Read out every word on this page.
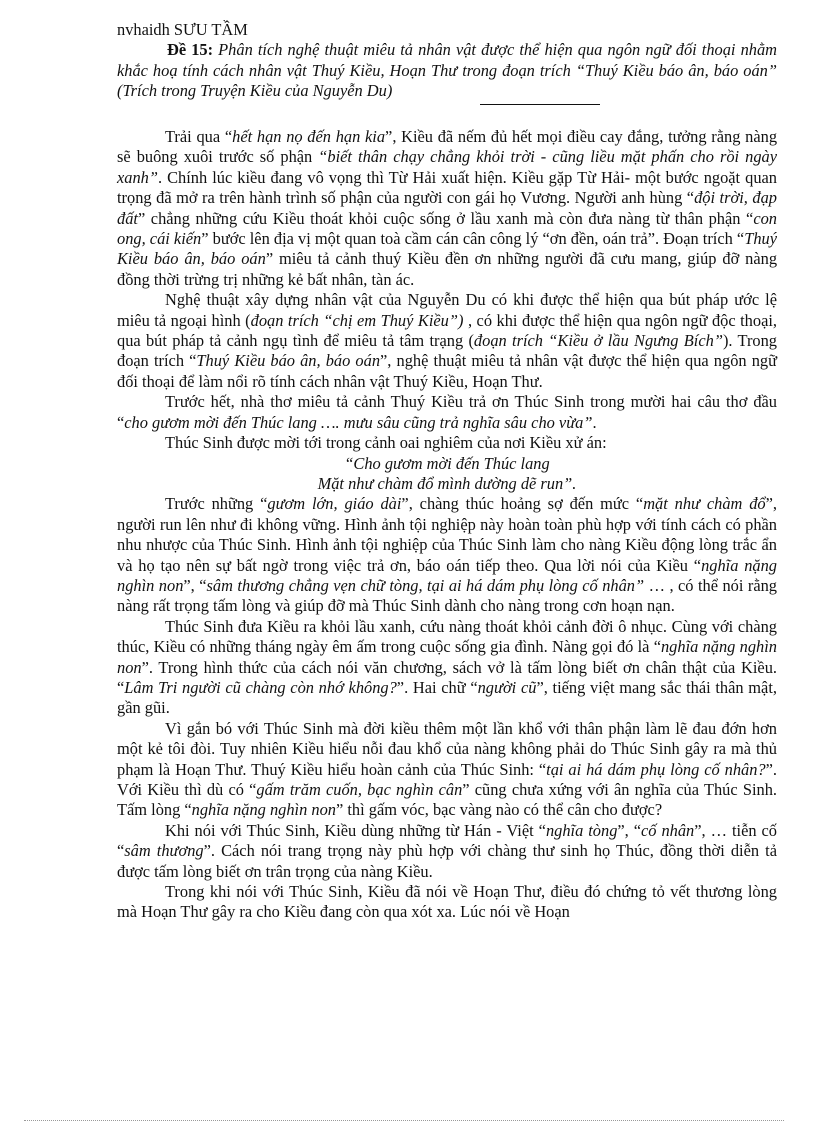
nvhaidh SƯU TẦM

Đề 15: Phân tích nghệ thuật miêu tả nhân vật được thể hiện qua ngôn ngữ đối thoại nhằm khắc hoạ tính cách nhân vật Thuý Kiều, Hoạn Thư trong đoạn trích “Thuý Kiều báo ân, báo oán” (Trích trong Truyện Kiều của Nguyễn Du)

Trải qua “hết hạn nọ đến hạn kia”, Kiều đã nếm đủ hết mọi điều cay đắng, tưởng rằng nàng sẽ buông xuôi trước số phận “biết thân chạy chẳng khỏi trời - cũng liều mặt phấn cho rồi ngày xanh”. Chính lúc kiều đang vô vọng thì Từ Hải xuất hiện. Kiều gặp Từ Hải- một bước ngoặt quan trọng đã mở ra trên hành trình số phận của người con gái họ Vương. Người anh hùng “đội trời, đạp đất” chẳng những cứu Kiều thoát khỏi cuộc sống ở lầu xanh mà còn đưa nàng từ thân phận “con ong, cái kiến” bước lên địa vị một quan toà cầm cán cân công lý “ơn đền, oán trả”. Đoạn trích “Thuý Kiều báo ân, báo oán” miêu tả cảnh thuý Kiều đền ơn những người đã cưu mang, giúp đỡ nàng đồng thời trừng trị những kẻ bất nhân, tàn ác.

Nghệ thuật xây dựng nhân vật của Nguyễn Du có khi được thể hiện qua bút pháp ước lệ miêu tả ngoại hình (đoạn trích “chị em Thuý Kiều”) , có khi được thể hiện qua ngôn ngữ độc thoại, qua bút pháp tả cảnh ngụ tình để miêu tả tâm trạng (đoạn trích “Kiều ở lầu Ngưng Bích”). Trong đoạn trích “Thuý Kiều báo ân, báo oán”, nghệ thuật miêu tả nhân vật được thể hiện qua ngôn ngữ đối thoại để làm nổi rõ tính cách nhân vật Thuý Kiều, Hoạn Thư.

Trước hết, nhà thơ miêu tả cảnh Thuý Kiều trả ơn Thúc Sinh trong mười hai câu thơ đầu “cho gươm mời đến Thúc lang …. mưu sâu cũng trả nghĩa sâu cho vừa”.

Thúc Sinh được mời tới trong cảnh oai nghiêm của nơi Kiều xử án:

“Cho gươm mời đến Thúc lang

Mặt như chàm đổ mình dường dẽ run”.

Trước những “gươm lớn, giáo dài”, chàng thúc hoảng sợ đến mức “mặt như chàm đổ”, người run lên như đi không vững. Hình ảnh tội nghiệp này hoàn toàn phù hợp với tính cách có phần nhu nhược của Thúc Sinh. Hình ảnh tội nghiệp của Thúc Sinh làm cho nàng Kiều động lòng trắc ẩn và họ tạo nên sự bất ngờ trong việc trả ơn, báo oán tiếp theo. Qua lời nói của Kiều “nghĩa nặng nghìn non”, “sâm thương chẳng vẹn chữ tòng, tại ai há dám phụ lòng cố nhân” … , có thể nói rằng nàng rất trọng tấm lòng và giúp đỡ mà Thúc Sinh dành cho nàng trong cơn hoạn nạn.

Thúc Sinh đưa Kiều ra khỏi lầu xanh, cứu nàng thoát khỏi cảnh đời ô nhục. Cùng với chàng thúc, Kiều có những tháng ngày êm ấm trong cuộc sống gia đình. Nàng gọi đó là “nghĩa nặng nghìn non”. Trong hình thức của cách nói văn chương, sách vở là tấm lòng biết ơn chân thật của Kiều. “Lâm Tri người cũ chàng còn nhớ không?”. Hai chữ “người cũ”, tiếng việt mang sắc thái thân mật, gần gũi.

Vì gắn bó với Thúc Sinh mà đời kiều thêm một lần khổ với thân phận làm lẽ đau đớn hơn một kẻ tôi đòi. Tuy nhiên Kiều hiểu nỗi đau khổ của nàng không phải do Thúc Sinh gây ra mà thủ phạm là Hoạn Thư. Thuý Kiều hiểu hoàn cảnh của Thúc Sinh: “tại ai há dám phụ lòng cố nhân?”. Với Kiều thì dù có “gấm trăm cuốn, bạc nghìn cân” cũng chưa xứng với ân nghĩa của Thúc Sinh. Tấm lòng “nghĩa nặng nghìn non” thì gấm vóc, bạc vàng nào có thể cân cho được?

Khi nói với Thúc Sinh, Kiều dùng những từ Hán - Việt “nghĩa tòng”, “cố nhân”, … tiễn cố “sâm thương”. Cách nói trang trọng này phù hợp với chàng thư sinh họ Thúc, đồng thời diễn tả được tấm lòng biết ơn trân trọng của nàng Kiều.

Trong khi nói với Thúc Sinh, Kiều đã nói về Hoạn Thư, điều đó chứng tỏ vết thương lòng mà Hoạn Thư gây ra cho Kiều đang còn qua xót xa. Lúc nói về Hoạn
